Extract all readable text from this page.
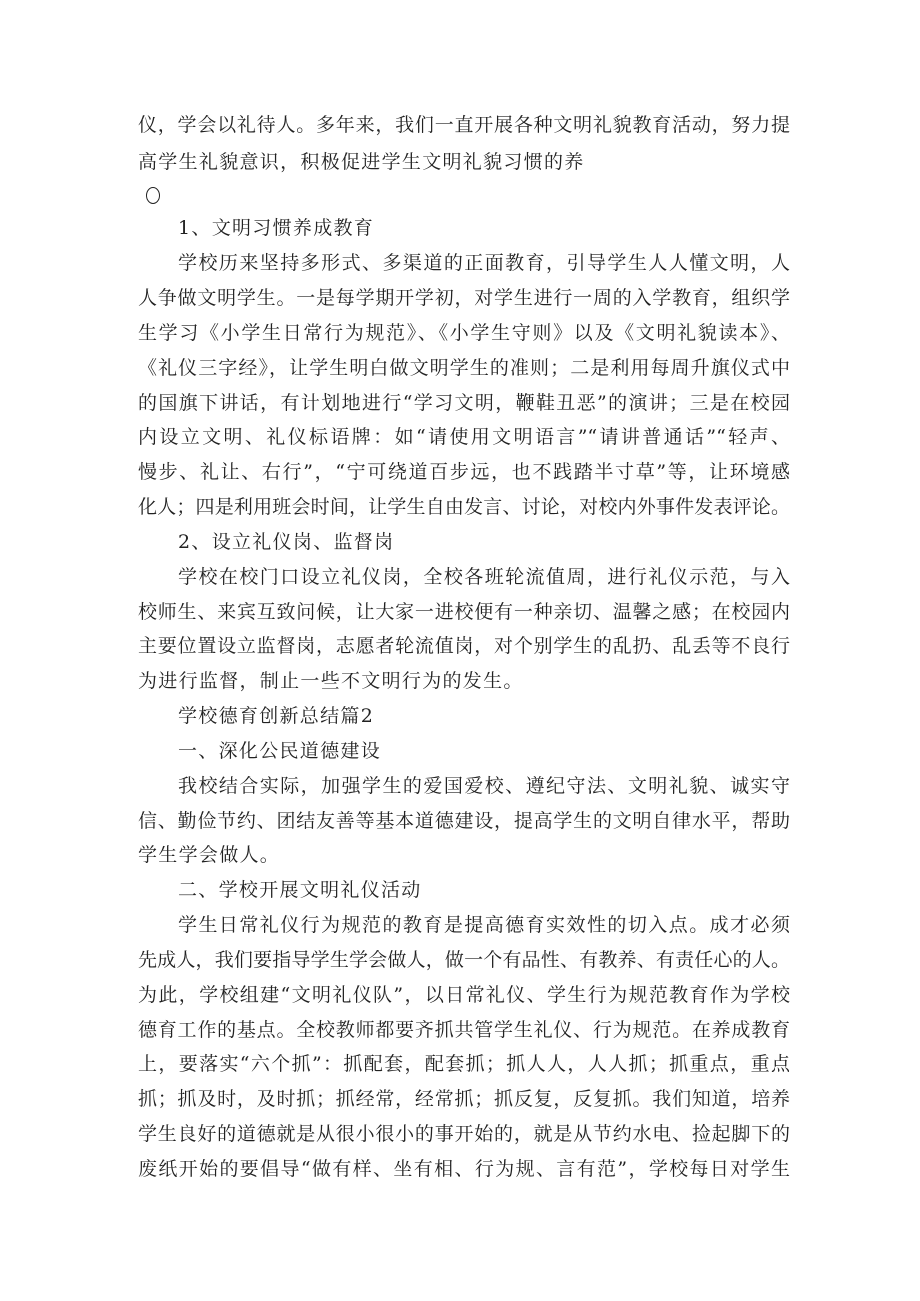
仪，学会以礼待人。多年来，我们一直开展各种文明礼貌教育活动，努力提
高学生礼貌意识，积极促进学生文明礼貌习惯的养
1、文明习惯养成教育
学校历来坚持多形式、多渠道的正面教育，引导学生人人懂文明，人
人争做文明学生。一是每学期开学初，对学生进行一周的入学教育，组织学
生学习《小学生日常行为规范》、《小学生守则》以及《文明礼貌读本》、
《礼仪三字经》，让学生明白做文明学生的准则；二是利用每周升旗仪式中
的国旗下讲话，有计划地进行“学习文明，鞭鞋丑恶”的演讲；三是在校园
内设立文明、礼仪标语牌：如“请使用文明语言”“请讲普通话”“轻声、
慢步、礼让、右行”，“宁可绕道百步远，也不践踏半寸草”等，让环境感
化人；四是利用班会时间，让学生自由发言、讨论，对校内外事件发表评论。
2、设立礼仪岗、监督岗
学校在校门口设立礼仪岗，全校各班轮流值周，进行礼仪示范，与入
校师生、来宾互致问候，让大家一进校便有一种亲切、温馨之感；在校园内
主要位置设立监督岗，志愿者轮流值岗，对个别学生的乱扔、乱丢等不良行
为进行监督，制止一些不文明行为的发生。
学校德育创新总结篇2
一、深化公民道德建设
我校结合实际，加强学生的爱国爱校、遵纪守法、文明礼貌、诚实守
信、勤俭节约、团结友善等基本道德建设，提高学生的文明自律水平，帮助
学生学会做人。
二、学校开展文明礼仪活动
学生日常礼仪行为规范的教育是提高德育实效性的切入点。成才必须
先成人，我们要指导学生学会做人，做一个有品性、有教养、有责任心的人。
为此，学校组建“文明礼仪队”，以日常礼仪、学生行为规范教育作为学校
德育工作的基点。全校教师都要齐抓共管学生礼仪、行为规范。在养成教育
上，要落实“六个抓”：抓配套，配套抓；抓人人，人人抓；抓重点，重点
抓；抓及时，及时抓；抓经常，经常抓；抓反复，反复抓。我们知道，培养
学生良好的道德就是从很小很小的事开始的，就是从节约水电、捡起脚下的
废纸开始的要倡导“做有样、坐有相、行为规、言有范”，学校每日对学生
